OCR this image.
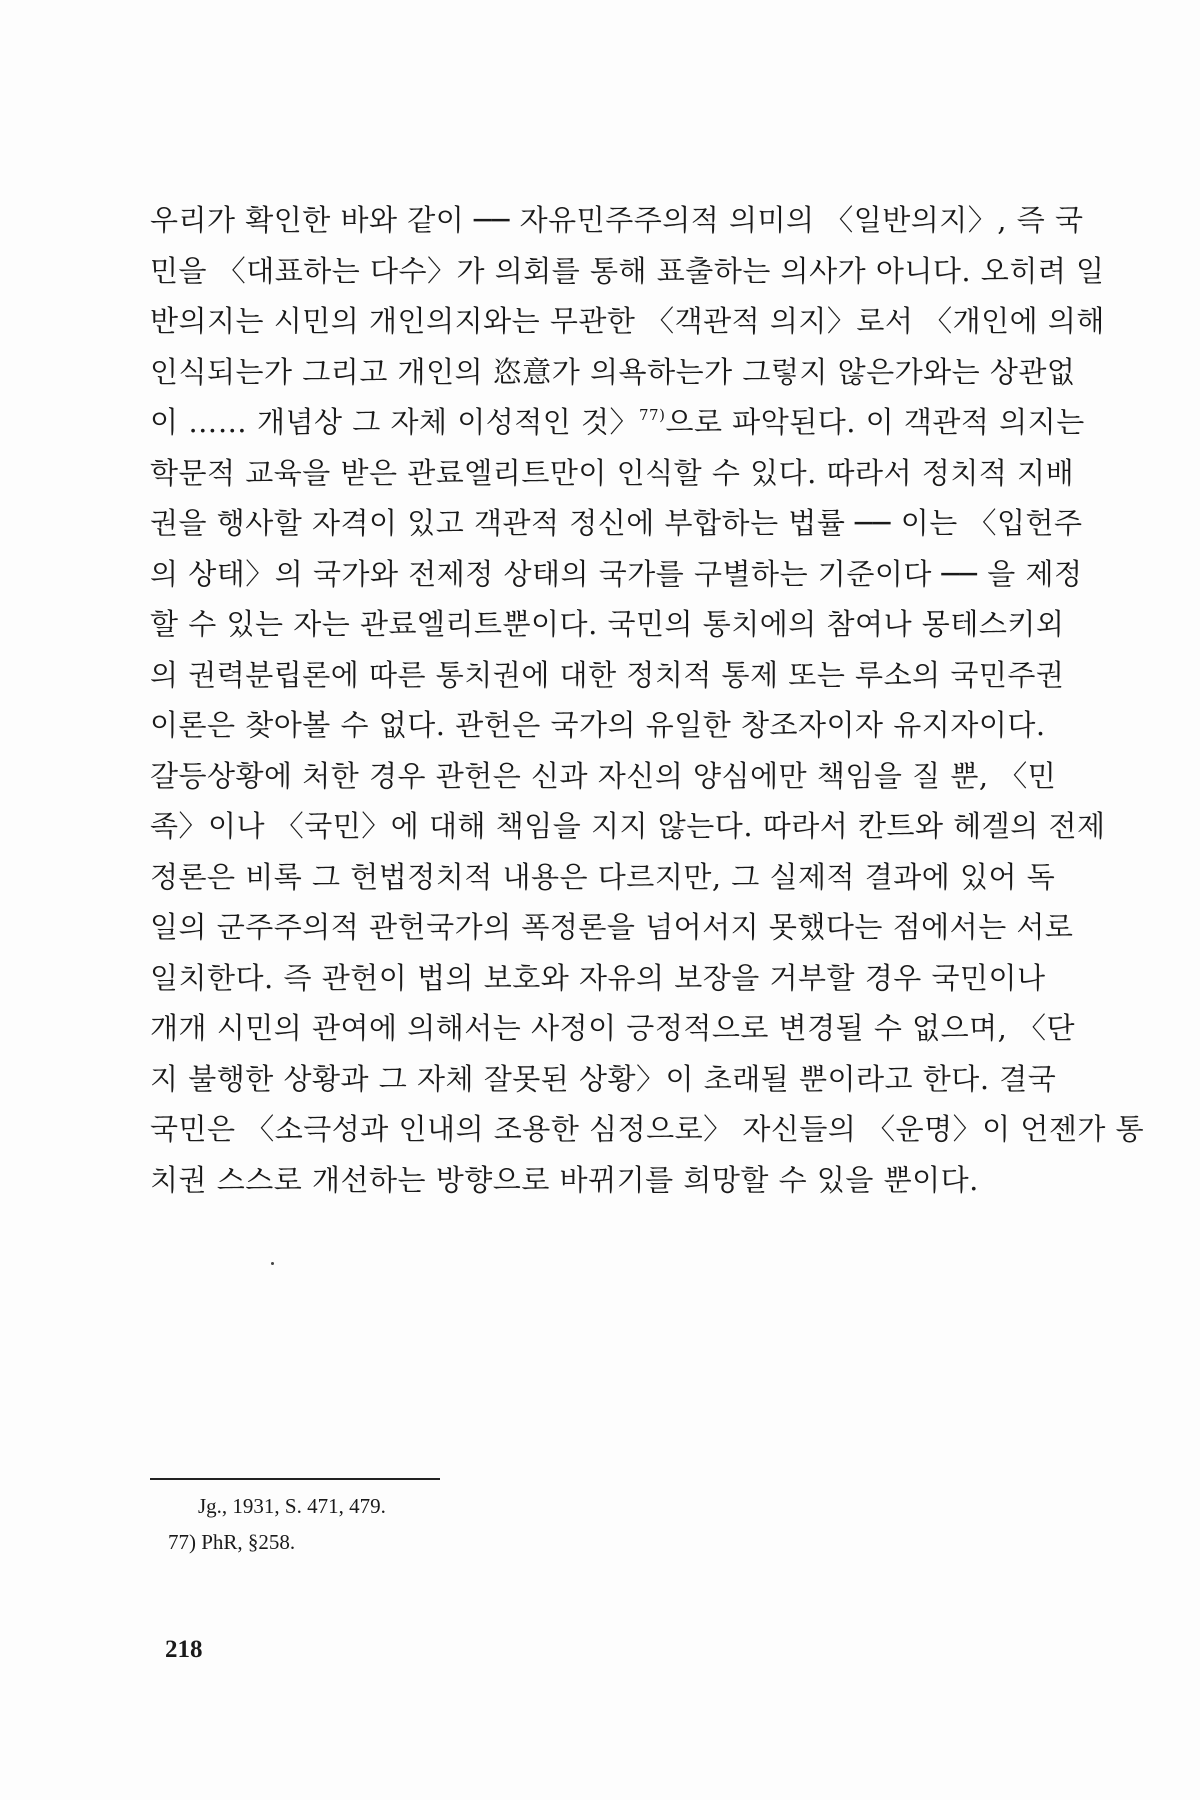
우리가 확인한 바와 같이 ── 자유민주주의적 의미의 〈일반의지〉, 즉 국
민을 〈대표하는 다수〉가 의회를 통해 표출하는 의사가 아니다. 오히려 일
반의지는 시민의 개인의지와는 무관한 〈객관적 의지〉로서 〈개인에 의해
인식되는가 그리고 개인의 恣意가 의욕하는가 그렇지 않은가와는 상관없
이 …… 개념상 그 자체 이성적인 것〉$^{77)}$으로 파악된다. 이 객관적 의지는
학문적 교육을 받은 관료엘리트만이 인식할 수 있다. 따라서 정치적 지배
권을 행사할 자격이 있고 객관적 정신에 부합하는 법률 ── 이는 〈입헌주
의 상태〉의 국가와 전제정 상태의 국가를 구별하는 기준이다 ── 을 제정
할 수 있는 자는 관료엘리트뿐이다. 국민의 통치에의 참여나 몽테스키외
의 권력분립론에 따른 통치권에 대한 정치적 통제 또는 루소의 국민주권
이론은 찾아볼 수 없다. 관헌은 국가의 유일한 창조자이자 유지자이다.
갈등상황에 처한 경우 관헌은 신과 자신의 양심에만 책임을 질 뿐, 〈민
족〉이나 〈국민〉에 대해 책임을 지지 않는다. 따라서 칸트와 헤겔의 전제
정론은 비록 그 헌법정치적 내용은 다르지만, 그 실제적 결과에 있어 독
일의 군주주의적 관헌국가의 폭정론을 넘어서지 못했다는 점에서는 서로
일치한다. 즉 관헌이 법의 보호와 자유의 보장을 거부할 경우 국민이나
개개 시민의 관여에 의해서는 사정이 긍정적으로 변경될 수 없으며, 〈단
지 불행한 상황과 그 자체 잘못된 상황〉이 초래될 뿐이라고 한다. 결국
국민은 〈소극성과 인내의 조용한 심정으로〉 자신들의 〈운명〉이 언젠가 통
치권 스스로 개선하는 방향으로 바뀌기를 희망할 수 있을 뿐이다.
Jg., 1931, S. 471, 479.
77) PhR, §258.
218
